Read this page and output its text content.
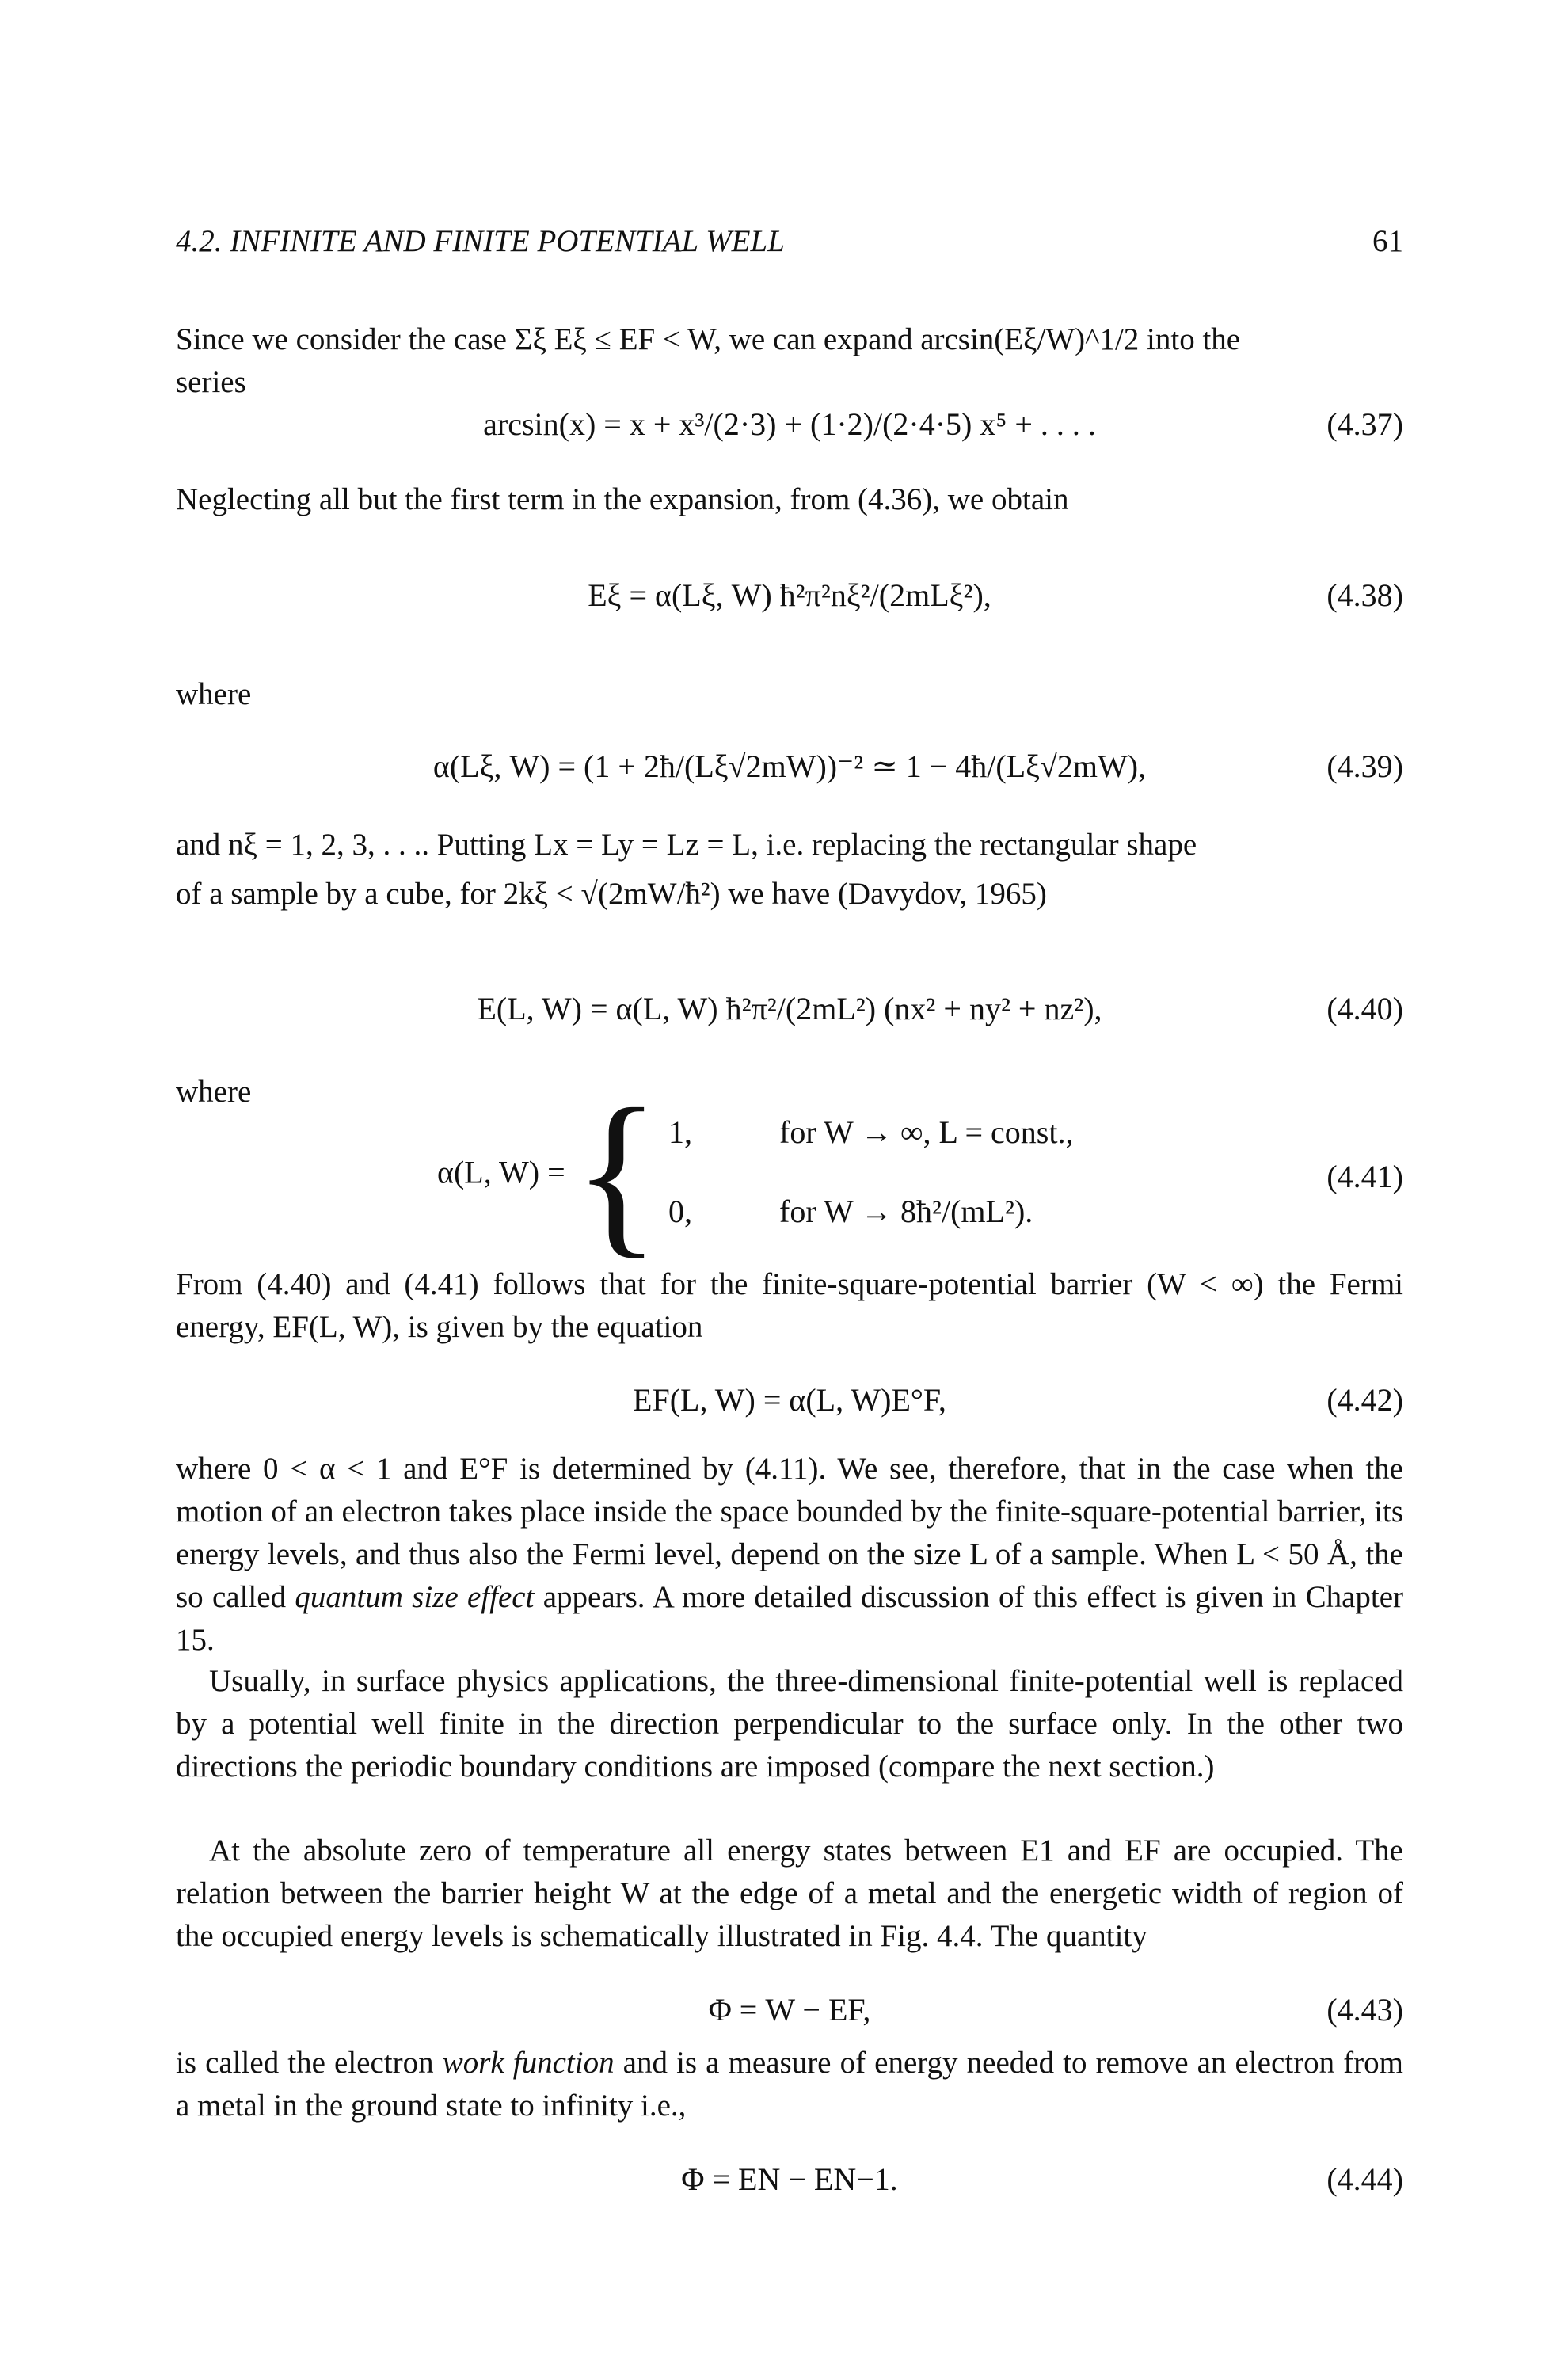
4.2. INFINITE AND FINITE POTENTIAL WELL	61
Since we consider the case Σξ Eξ ≤ EF < W, we can expand arcsin(Eξ/W)^1/2 into the
series
arcsin(x) = x + x³/(2·3) + (1·2)/(2·4·5) x⁵ + . . . .	(4.37)
Neglecting all but the first term in the expansion, from (4.36), we obtain
Eξ = α(Lξ, W) ħ²π²nξ²/(2mLξ²),	(4.38)
where
α(Lξ, W) = (1 + 2ħ/(Lξ√2mW))⁻² ≃ 1 − 4ħ/(Lξ√2mW),	(4.39)
and nξ = 1, 2, 3, . . .. Putting Lx = Ly = Lz = L, i.e. replacing the rectangular shape
of a sample by a cube, for 2kξ < √(2mW/ħ²) we have (Davydov, 1965)
E(L, W) = α(L, W) ħ²π²/(2mL²) (nx² + ny² + nz²),	(4.40)
where
α(L, W) = { 1,	for W → ∞, L = const.,
0,	for W → 8ħ²/(mL²).
(4.41)
From (4.40) and (4.41) follows that for the finite-square-potential barrier (W < ∞) the Fermi energy, EF(L, W), is given by the equation
EF(L, W) = α(L, W)E°F,	(4.42)
where 0 < α < 1 and E°F is determined by (4.11). We see, therefore, that in the case when the motion of an electron takes place inside the space bounded by the finite-square-potential barrier, its energy levels, and thus also the Fermi level, depend on the size L of a sample. When L < 50 Å, the so called quantum size effect appears. A more detailed discussion of this effect is given in Chapter 15.
Usually, in surface physics applications, the three-dimensional finite-potential well is replaced by a potential well finite in the direction perpendicular to the surface only. In the other two directions the periodic boundary conditions are imposed (compare the next section.)
At the absolute zero of temperature all energy states between E1 and EF are occupied. The relation between the barrier height W at the edge of a metal and the energetic width of region of the occupied energy levels is schematically illustrated in Fig. 4.4. The quantity
Φ = W − EF,	(4.43)
is called the electron work function and is a measure of energy needed to remove an electron from a metal in the ground state to infinity i.e.,
Φ = EN − EN−1.	(4.44)
